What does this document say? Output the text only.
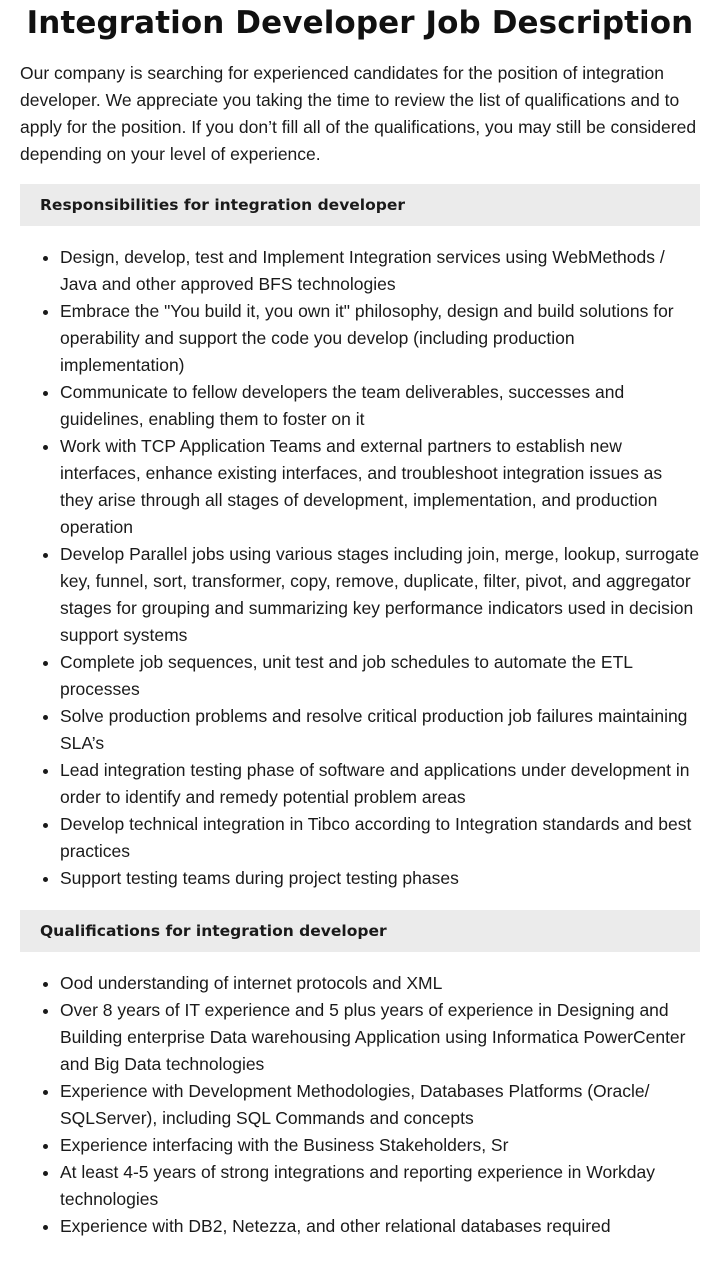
Integration Developer Job Description

Our company is searching for experienced candidates for the position of integration developer. We appreciate you taking the time to review the list of qualifications and to apply for the position. If you don’t fill all of the qualifications, you may still be considered depending on your level of experience.

Responsibilities for integration developer
• Design, develop, test and Implement Integration services using WebMethods / Java and other approved BFS technologies
• Embrace the "You build it, you own it" philosophy, design and build solutions for operability and support the code you develop (including production implementation)
• Communicate to fellow developers the team deliverables, successes and guidelines, enabling them to foster on it
• Work with TCP Application Teams and external partners to establish new interfaces, enhance existing interfaces, and troubleshoot integration issues as they arise through all stages of development, implementation, and production operation
• Develop Parallel jobs using various stages including join, merge, lookup, surrogate key, funnel, sort, transformer, copy, remove, duplicate, filter, pivot, and aggregator stages for grouping and summarizing key performance indicators used in decision support systems
• Complete job sequences, unit test and job schedules to automate the ETL processes
• Solve production problems and resolve critical production job failures maintaining SLA’s
• Lead integration testing phase of software and applications under development in order to identify and remedy potential problem areas
• Develop technical integration in Tibco according to Integration standards and best practices
• Support testing teams during project testing phases
Qualifications for integration developer
• Ood understanding of internet protocols and XML
• Over 8 years of IT experience and 5 plus years of experience in Designing and Building enterprise Data warehousing Application using Informatica PowerCenter and Big Data technologies
• Experience with Development Methodologies, Databases Platforms (Oracle/ SQLServer), including SQL Commands and concepts
• Experience interfacing with the Business Stakeholders, Sr
• At least 4-5 years of strong integrations and reporting experience in Workday technologies
• Experience with DB2, Netezza, and other relational databases required
